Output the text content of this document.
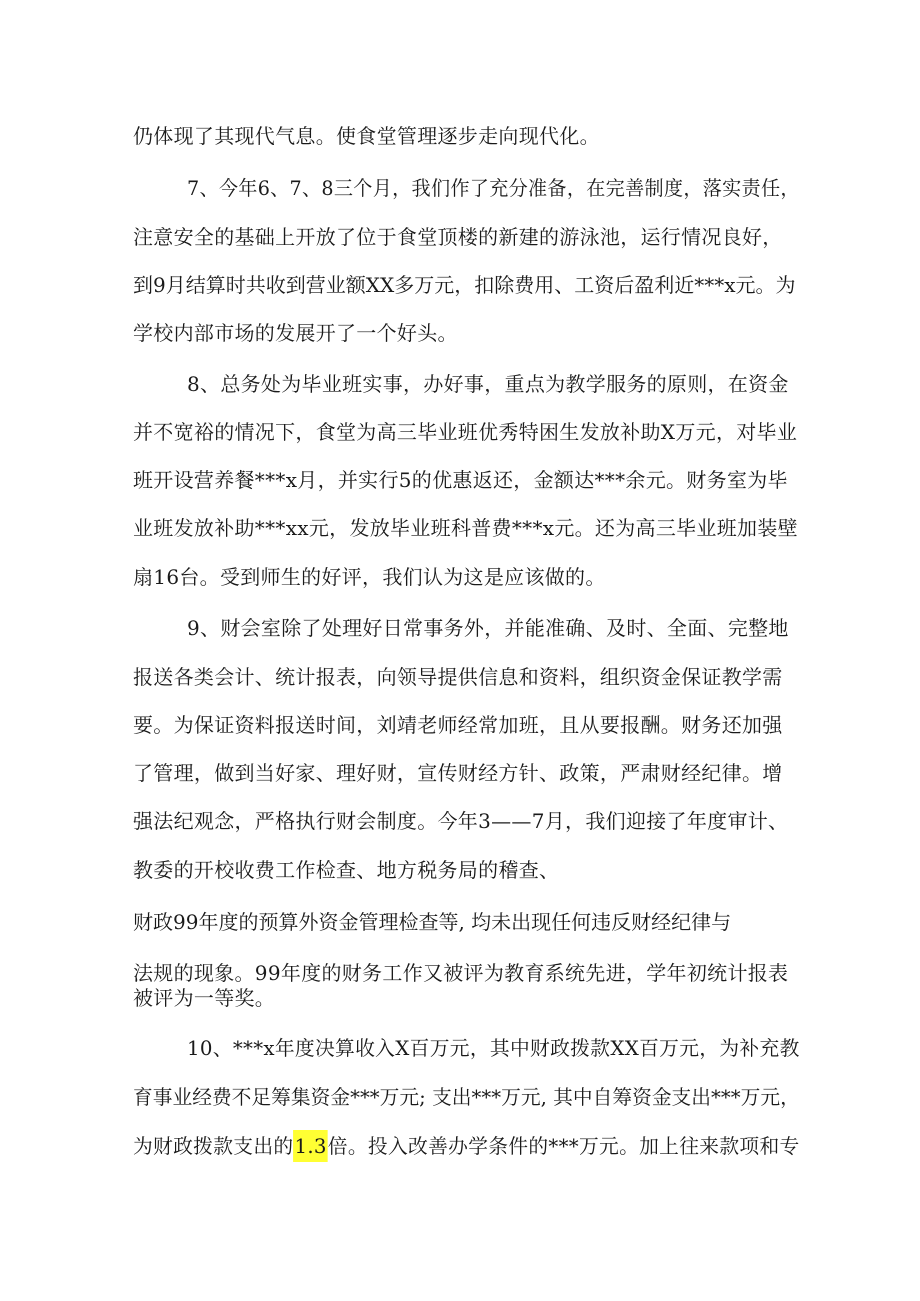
仍体现了其现代气息。使食堂管理逐步走向现代化。
7、今年6、7、8三个月，我们作了充分准备，在完善制度，落实责任，
注意安全的基础上开放了位于食堂顶楼的新建的游泳池，运行情况良好，
到9月结算时共收到营业额XX多万元，扣除费用、工资后盈利近***x元。为
学校内部市场的发展开了一个好头。
8、总务处为毕业班实事，办好事，重点为教学服务的原则，在资金
并不宽裕的情况下，食堂为高三毕业班优秀特困生发放补助X万元，对毕业
班开设营养餐***x月，并实行5的优惠返还，金额达***余元。财务室为毕
业班发放补助***xx元，发放毕业班科普费***x元。还为高三毕业班加装壁
扇16台。受到师生的好评，我们认为这是应该做的。
9、财会室除了处理好日常事务外，并能准确、及时、全面、完整地
报送各类会计、统计报表，向领导提供信息和资料，组织资金保证教学需
要。为保证资料报送时间，刘靖老师经常加班，且从要报酬。财务还加强
了管理，做到当好家、理好财，宣传财经方针、政策，严肃财经纪律。增
强法纪观念，严格执行财会制度。今年3——7月，我们迎接了年度审计、
教委的开校收费工作检查、地方税务局的稽查、
财政99年度的预算外资金管理检查等, 均未出现任何违反财经纪律与
法规的现象。99年度的财务工作又被评为教育系统先进，学年初统计报表
被评为一等奖。
10、***x年度决算收入X百万元，其中财政拨款XX百万元，为补充教
育事业经费不足筹集资金***万元; 支出***万元, 其中自筹资金支出***万元，
为财政拨款支出的1.3倍。投入改善办学条件的***万元。加上往来款项和专
